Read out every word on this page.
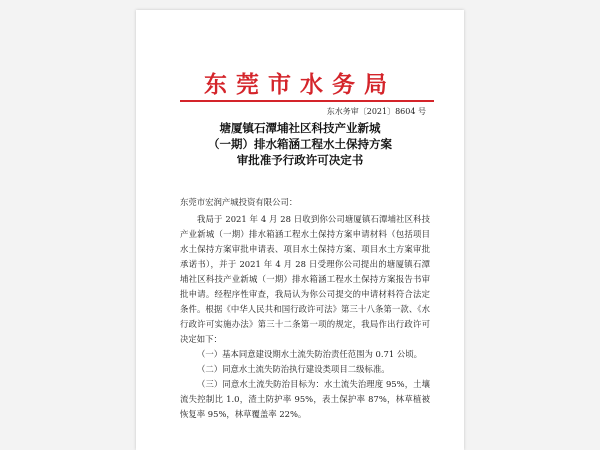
东莞市水务局
东水务审〔2021〕8604 号
塘厦镇石潭埔社区科技产业新城
（一期）排水箱涵工程水土保持方案
审批准予行政许可决定书
东莞市宏润产城投资有限公司：

我局于 2021 年 4 月 28 日收到你公司塘厦镇石潭埔社区科技产业新城（一期）排水箱涵工程水土保持方案申请材料（包括项目水土保持方案审批申请表、项目水土保持方案、项目水土方案审批承诺书），并于 2021 年 4 月 28 日受理你公司提出的塘厦镇石潭埔社区科技产业新城（一期）排水箱涵工程水土保持方案报告书审批申请。经程序性审查，我局认为你公司提交的申请材料符合法定条件。根据《中华人民共和国行政许可法》第三十八条第一款、《水行政许可实施办法》第三十二条第一项的规定，我局作出行政许可决定如下：

（一）基本同意建设期水土流失防治责任范围为 0.71 公顷。

（二）同意水土流失防治执行建设类项目二级标准。

（三）同意水土流失防治目标为：水土流失治理度 95%，土壤流失控制比 1.0，渣土防护率 95%，表土保护率 87%，林草植被恢复率 95%，林草覆盖率 22%。
